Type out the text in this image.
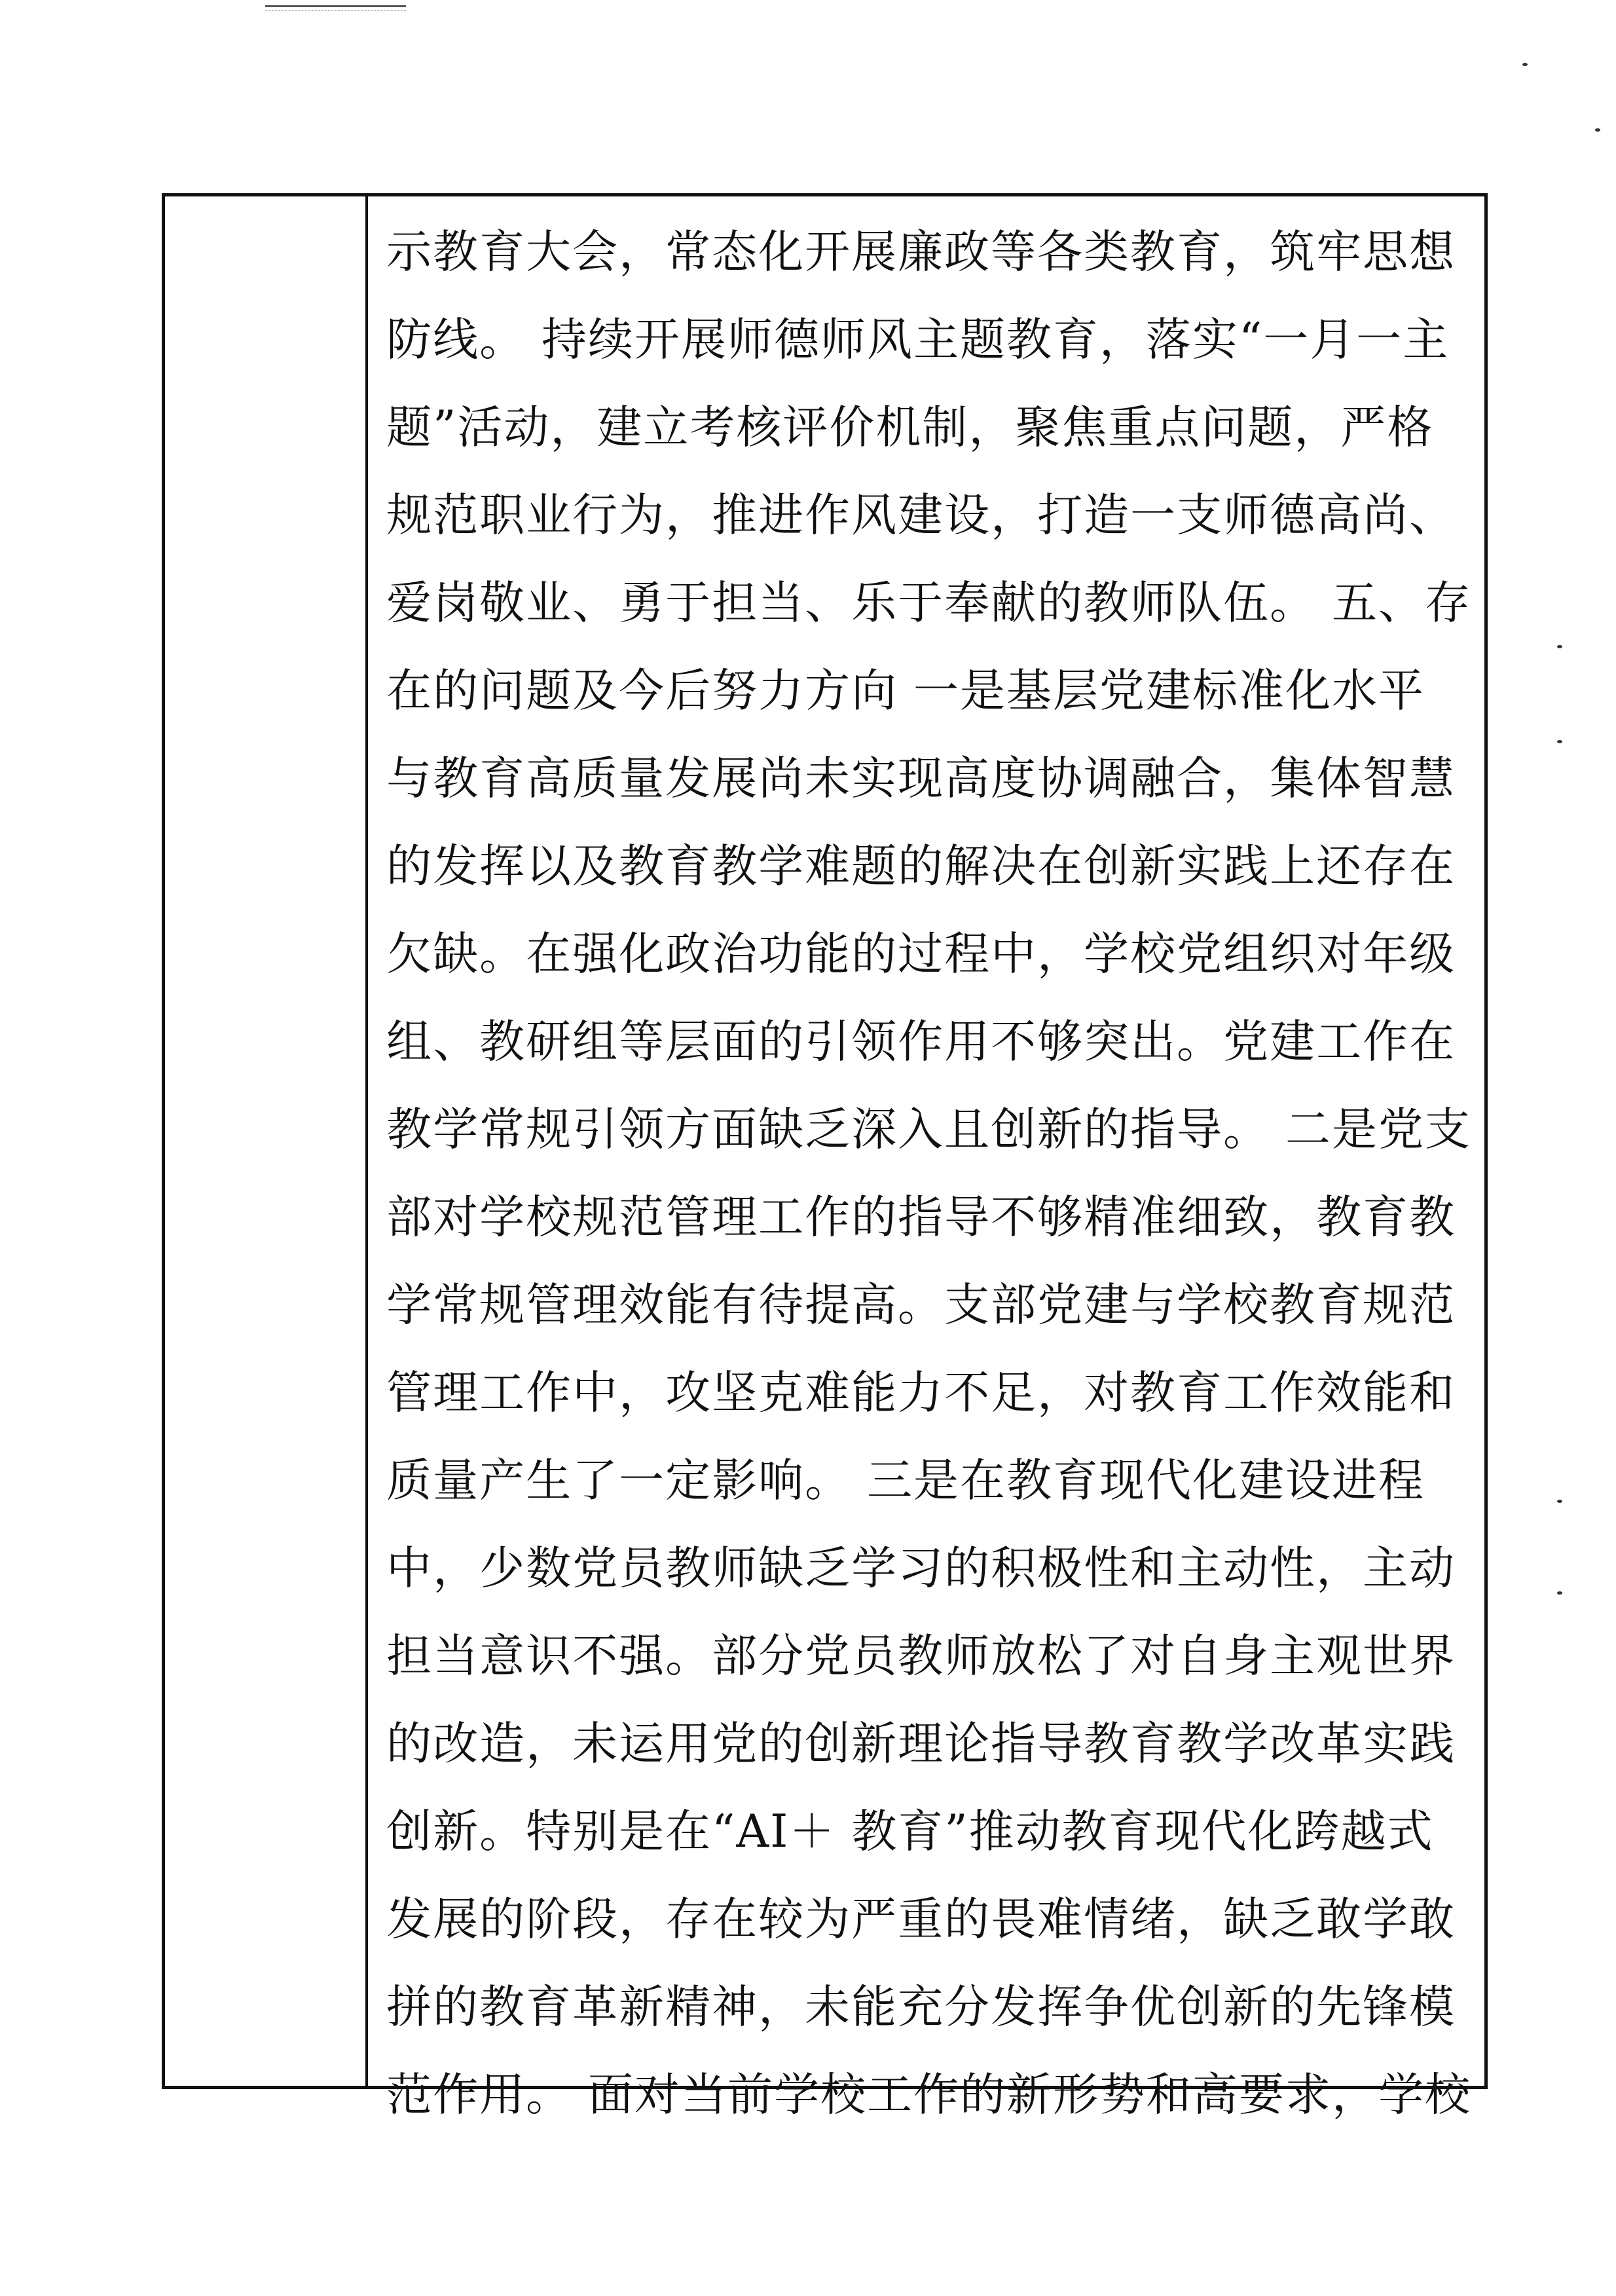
示教育大会，常态化开展廉政等各类教育，筑牢思想
防线。 持续开展师德师风主题教育，落实“一月一主
题”活动，建立考核评价机制，聚焦重点问题，严格
规范职业行为，推进作风建设，打造一支师德高尚、
爱岗敬业、勇于担当、乐于奉献的教师队伍。 五、存
在的问题及今后努力方向 一是基层党建标准化水平
与教育高质量发展尚未实现高度协调融合，集体智慧
的发挥以及教育教学难题的解决在创新实践上还存在
欠缺。在强化政治功能的过程中，学校党组织对年级
组、教研组等层面的引领作用不够突出。党建工作在
教学常规引领方面缺乏深入且创新的指导。 二是党支
部对学校规范管理工作的指导不够精准细致，教育教
学常规管理效能有待提高。支部党建与学校教育规范
管理工作中，攻坚克难能力不足，对教育工作效能和
质量产生了一定影响。 三是在教育现代化建设进程
中，少数党员教师缺乏学习的积极性和主动性，主动
担当意识不强。部分党员教师放松了对自身主观世界
的改造，未运用党的创新理论指导教育教学改革实践
创新。特别是在“AI＋ 教育”推动教育现代化跨越式
发展的阶段，存在较为严重的畏难情绪，缺乏敢学敢
拼的教育革新精神，未能充分发挥争优创新的先锋模
范作用。 面对当前学校工作的新形势和高要求，学校
